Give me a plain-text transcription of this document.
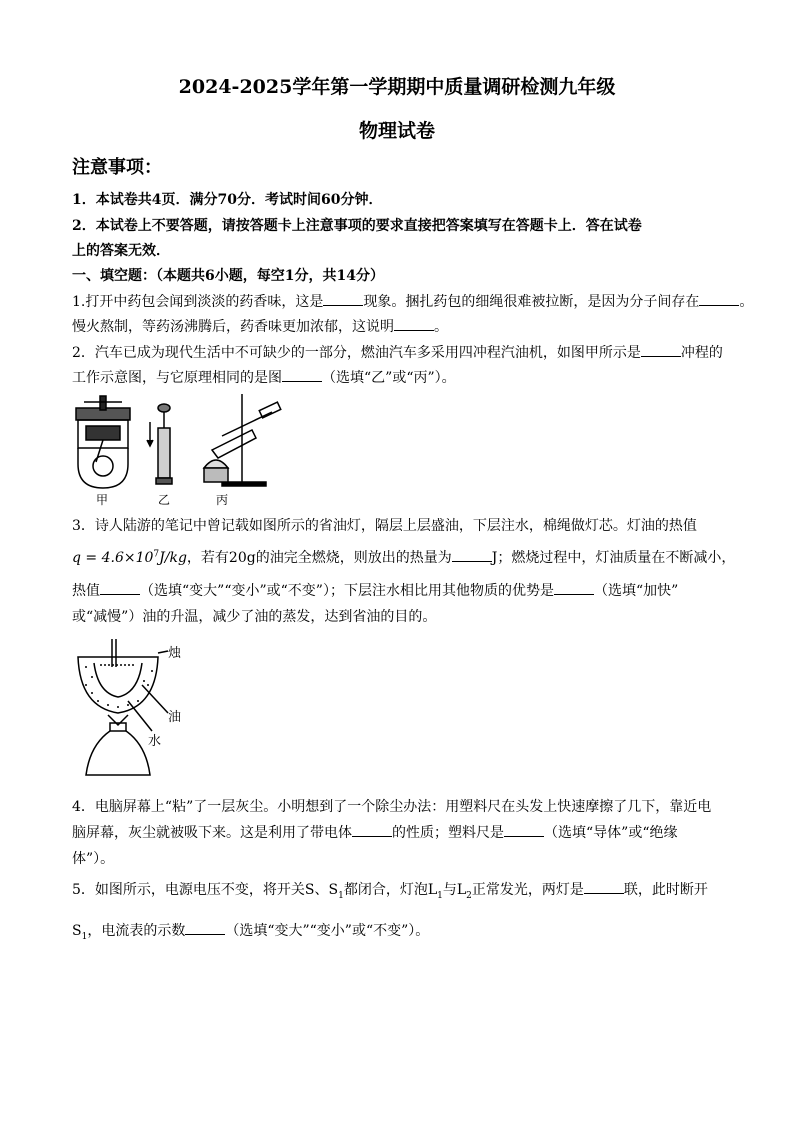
2024-2025学年第一学期期中质量调研检测九年级
物理试卷
注意事项：
1．本试卷共4页．满分70分．考试时间60分钟．
2．本试卷上不要答题，请按答题卡上注意事项的要求直接把答案填写在答题卡上．答在试卷
上的答案无效．
一、填空题：（本题共6小题，每空1分，共14分）
1.打开中药包会闻到淡淡的药香味，这是	现象。捆扎药包的细绳很难被拉断，是因为分子间存在	。
慢火熬制，等药汤沸腾后，药香味更加浓郁，这说明	。
2．汽车已成为现代生活中不可缺少的一部分，燃油汽车多采用四冲程汽油机，如图甲所示是	冲程的
工作示意图，与它原理相同的是图	（选填“乙”或“丙”）。
甲	乙	丙
3．诗人陆游的笔记中曾记载如图所示的省油灯，隔层上层盛油，下层注水，棉绳做灯芯。灯油的热值
$q = 4.6\times 10^7J/kg$，若有20g的油完全燃烧，则放出的热量为	J；燃烧过程中，灯油质量在不断减小，
热值	（选填“变大”“变小”或“不变”）；下层注水相比用其他物质的优势是	（选填“加快”
或“减慢”）油的升温，减少了油的蒸发，达到省油的目的。
烛
油
水
4．电脑屏幕上“粘”了一层灰尘。小明想到了一个除尘办法：用塑料尺在头发上快速摩擦了几下，靠近电
脑屏幕，灰尘就被吸下来。这是利用了带电体	的性质；塑料尺是	（选填“导体”或“绝缘
体”）。
5．如图所示，电源电压不变，将开关S、$S_1$都闭合，灯泡$L_1$与$L_2$正常发光，两灯是	联，此时断开
$S_1$，电流表的示数	（选填“变大”“变小”或“不变”）。
